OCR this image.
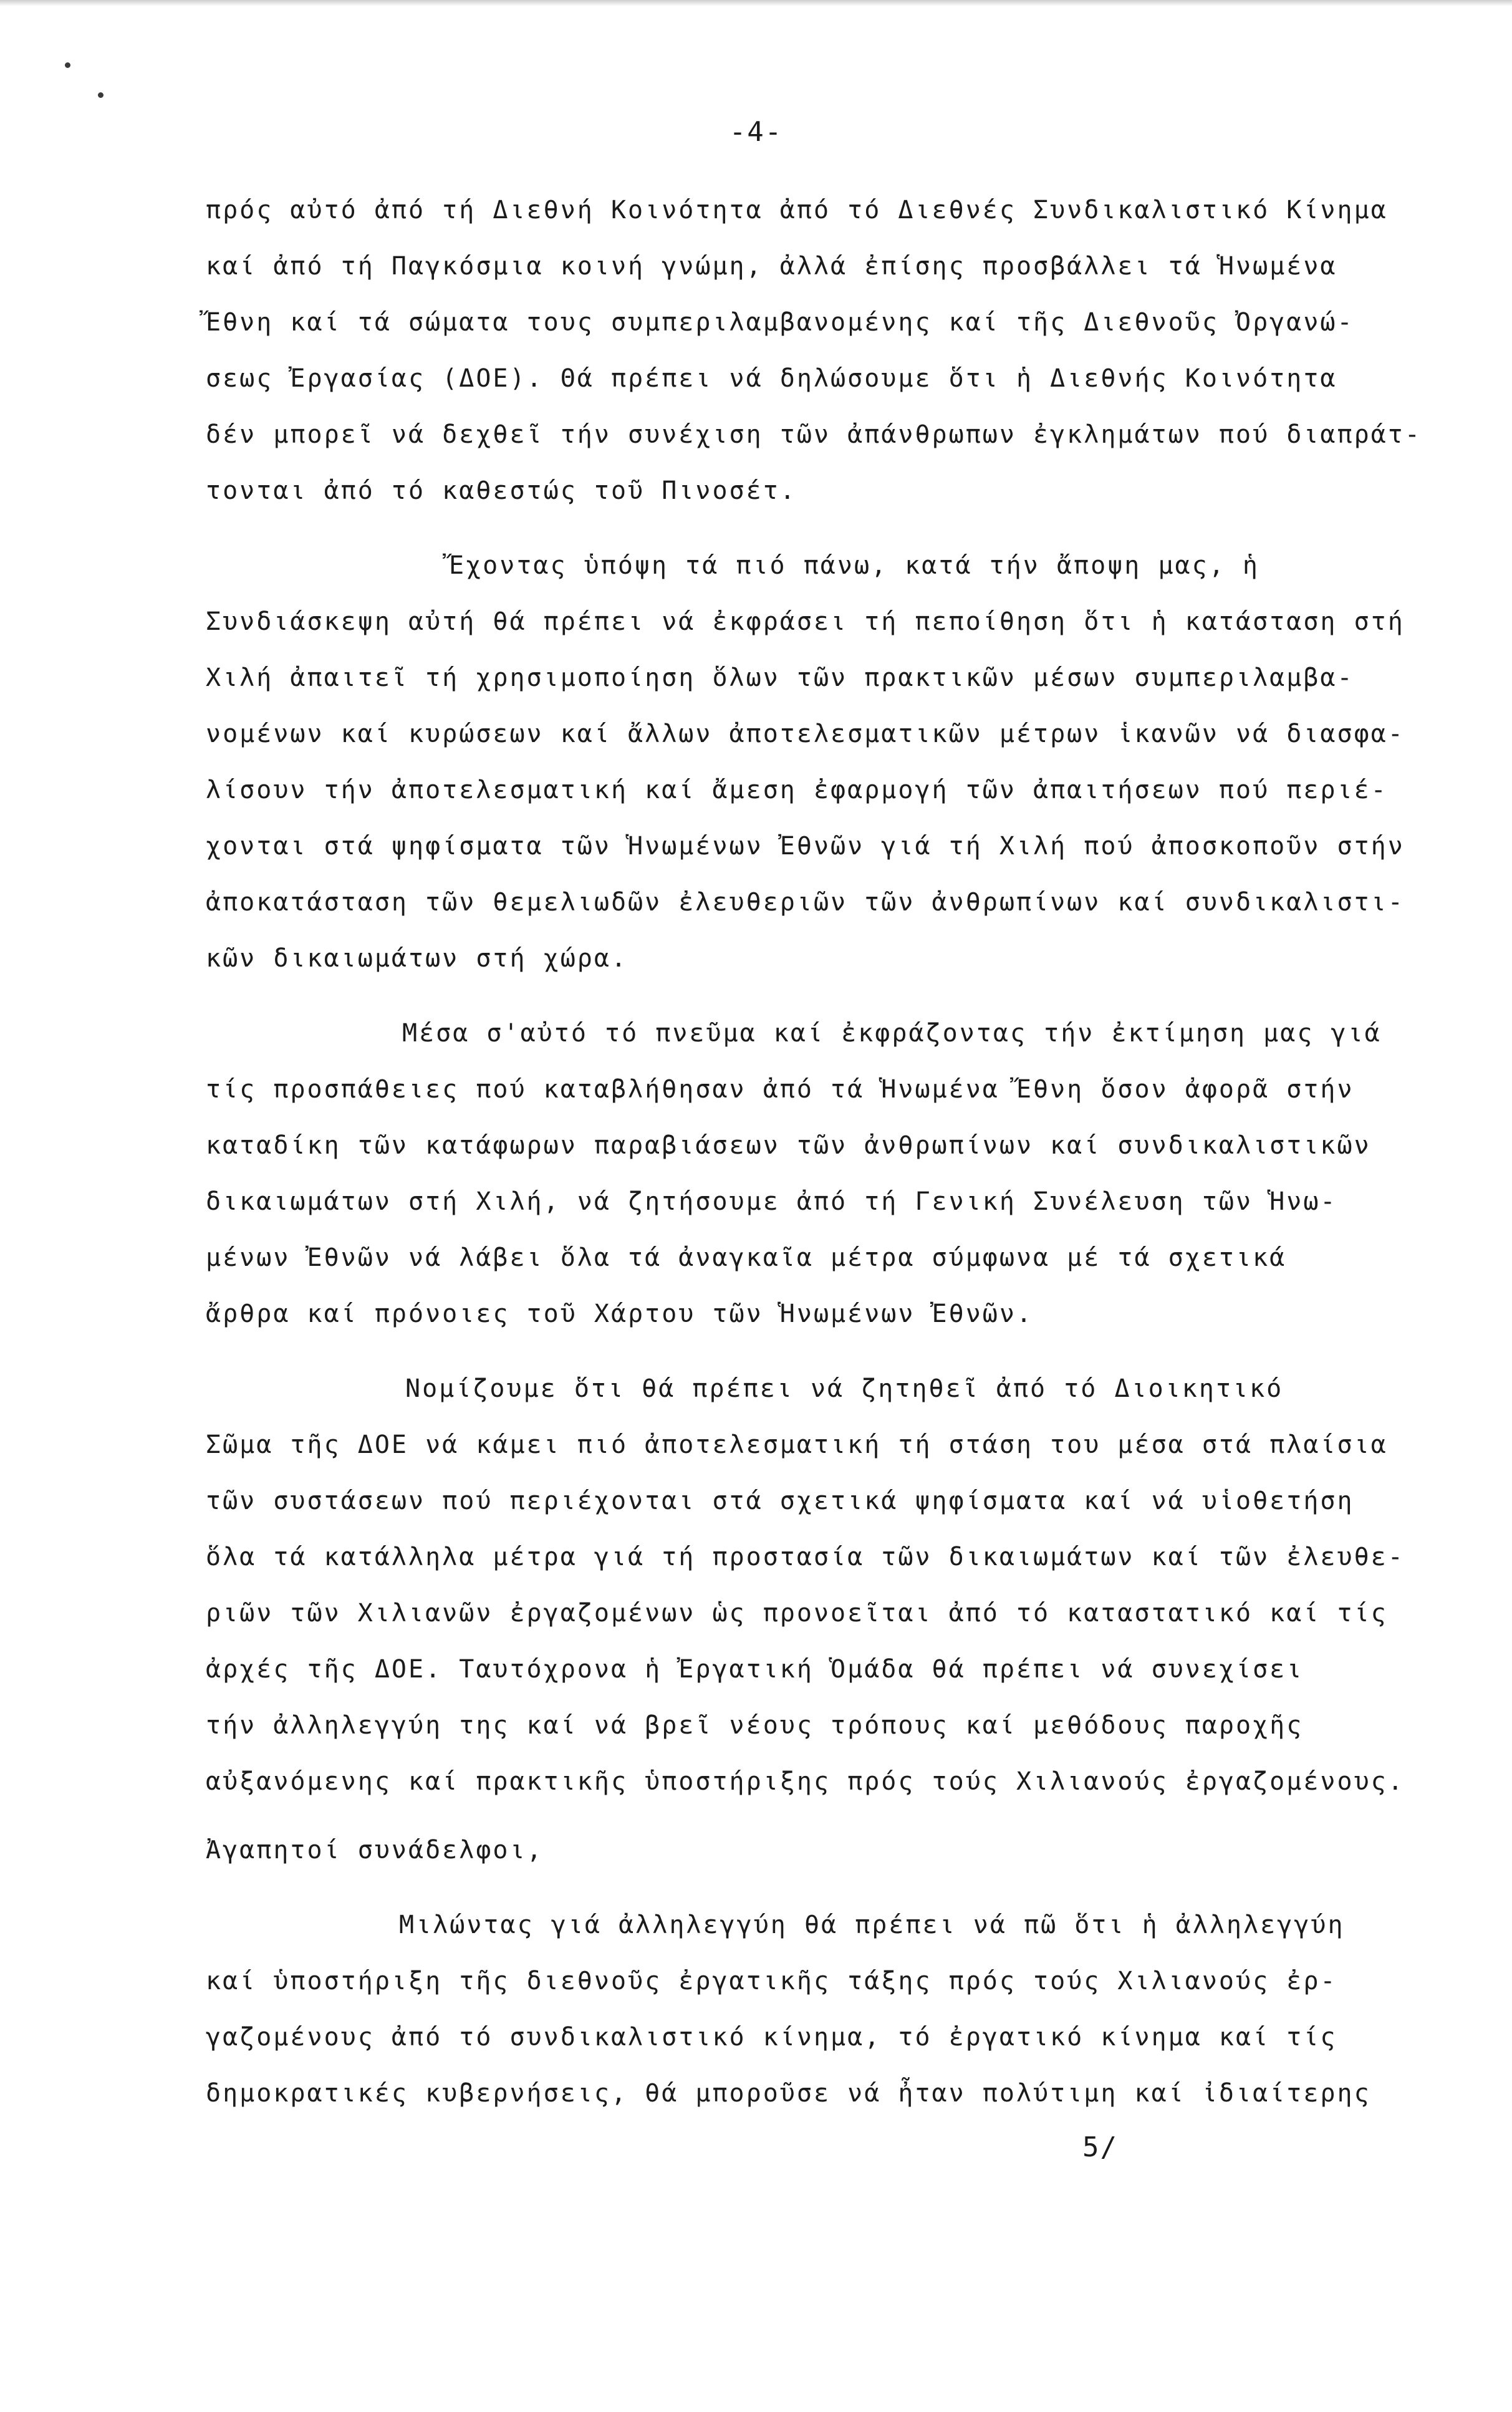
-4-
πρός αὐτό ἀπό τή Διεθνή Κοινότητα ἀπό τό Διεθνές Συνδικαλιστικό Κίνημα
καί ἀπό τή Παγκόσμια κοινή γνώμη, ἀλλά ἐπίσης προσβάλλει τά Ἡνωμένα
Ἔθνη καί τά σώματα τους συμπεριλαμβανομένης καί τῆς Διεθνοῦς Ὀργανώ-
σεως Ἐργασίας (ΔΟΕ). Θά πρέπει νά δηλώσουμε ὅτι ἡ Διεθνής Κοινότητα
δέν μπορεῖ νά δεχθεῖ τήν συνέχιση τῶν ἀπάνθρωπων ἐγκλημάτων πού διαπράτ-
τονται ἀπό τό καθεστώς τοῦ Πινοσέτ.
Ἔχοντας ὑπόψη τά πιό πάνω, κατά τήν ἄποψη μας, ἡ
Συνδιάσκεψη αὐτή θά πρέπει νά ἐκφράσει τή πεποίθηση ὅτι ἡ κατάσταση στή
Χιλή ἀπαιτεῖ τή χρησιμοποίηση ὅλων τῶν πρακτικῶν μέσων συμπεριλαμβα-
νομένων καί κυρώσεων καί ἄλλων ἀποτελεσματικῶν μέτρων ἱκανῶν νά διασφα-
λίσουν τήν ἀποτελεσματική καί ἄμεση ἐφαρμογή τῶν ἀπαιτήσεων πού περιέ-
χονται στά ψηφίσματα τῶν Ἡνωμένων Ἐθνῶν γιά τή Χιλή πού ἀποσκοποῦν στήν
ἀποκατάσταση τῶν θεμελιωδῶν ἐλευθεριῶν τῶν ἀνθρωπίνων καί συνδικαλιστι-
κῶν δικαιωμάτων στή χώρα.
Μέσα σ'αὐτό τό πνεῦμα καί ἐκφράζοντας τήν ἐκτίμηση μας γιά
τίς προσπάθειες πού καταβλήθησαν ἀπό τά Ἡνωμένα Ἔθνη ὅσον ἀφορᾶ στήν
καταδίκη τῶν κατάφωρων παραβιάσεων τῶν ἀνθρωπίνων καί συνδικαλιστικῶν
δικαιωμάτων στή Χιλή, νά ζητήσουμε ἀπό τή Γενική Συνέλευση τῶν Ἡνω-
μένων Ἐθνῶν νά λάβει ὅλα τά ἀναγκαῖα μέτρα σύμφωνα μέ τά σχετικά
ἄρθρα καί πρόνοιες τοῦ Χάρτου τῶν Ἡνωμένων Ἐθνῶν.
Νομίζουμε ὅτι θά πρέπει νά ζητηθεῖ ἀπό τό Διοικητικό
Σῶμα τῆς ΔΟΕ νά κάμει πιό ἀποτελεσματική τή στάση του μέσα στά πλαίσια
τῶν συστάσεων πού περιέχονται στά σχετικά ψηφίσματα καί νά υἱοθετήση
ὅλα τά κατάλληλα μέτρα γιά τή προστασία τῶν δικαιωμάτων καί τῶν ἐλευθε-
ριῶν τῶν Χιλιανῶν ἐργαζομένων ὡς προνοεῖται ἀπό τό καταστατικό καί τίς
ἀρχές τῆς ΔΟΕ. Ταυτόχρονα ἡ Ἐργατική Ὁμάδα θά πρέπει νά συνεχίσει
τήν ἀλληλεγγύη της καί νά βρεῖ νέους τρόπους καί μεθόδους παροχῆς
αὐξανόμενης καί πρακτικῆς ὑποστήριξης πρός τούς Χιλιανούς ἐργαζομένους.
Ἀγαπητοί συνάδελφοι,
Μιλώντας γιά ἀλληλεγγύη θά πρέπει νά πῶ ὅτι ἡ ἀλληλεγγύη
καί ὑποστήριξη τῆς διεθνοῦς ἐργατικῆς τάξης πρός τούς Χιλιανούς ἐρ-
γαζομένους ἀπό τό συνδικαλιστικό κίνημα, τό ἐργατικό κίνημα καί τίς
δημοκρατικές κυβερνήσεις, θά μποροῦσε νά ἦταν πολύτιμη καί ἰδιαίτερης
5/
